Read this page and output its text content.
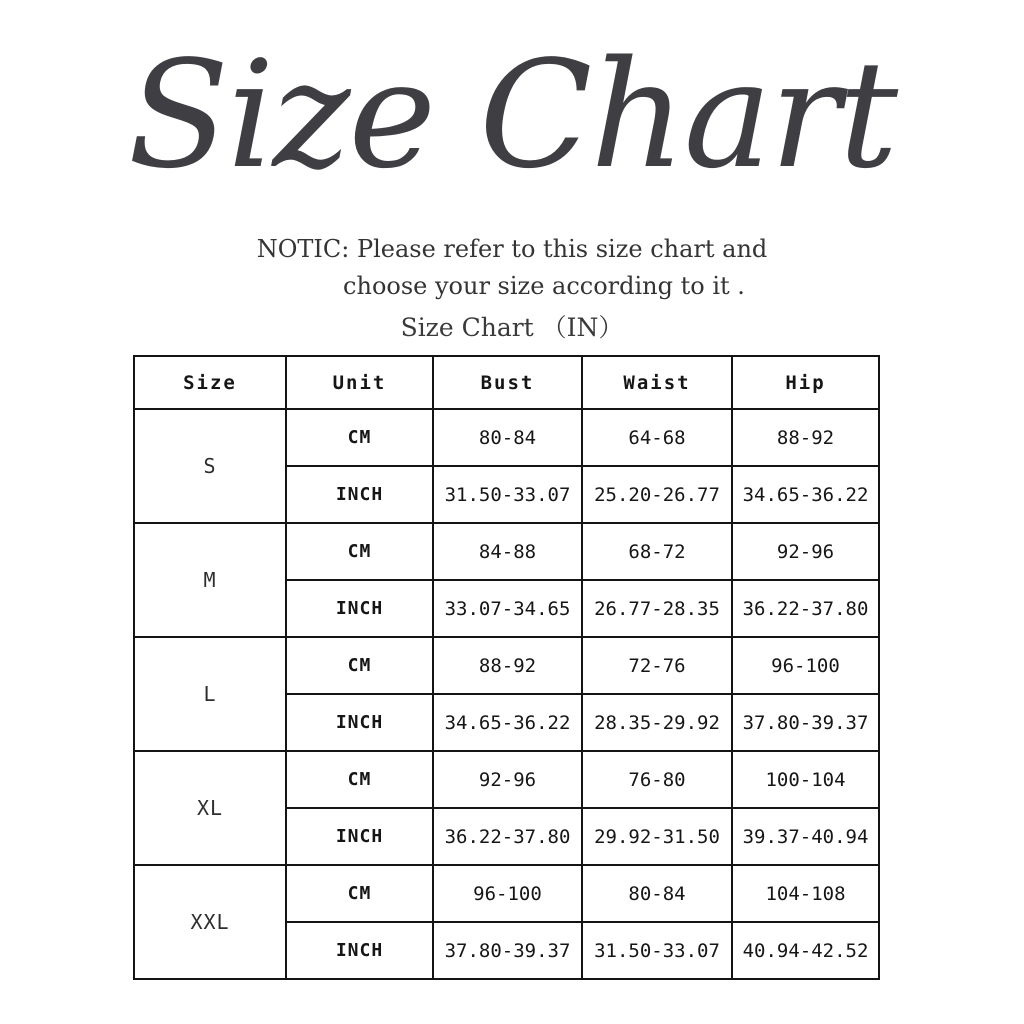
Size Chart
NOTIC: Please refer to this size chart and
choose your size according to it .
Size Chart （IN）
Size	Unit	Bust	Waist	Hip
S	CM	80-84	64-68	88-92
	INCH	31.50-33.07	25.20-26.77	34.65-36.22
M	CM	84-88	68-72	92-96
	INCH	33.07-34.65	26.77-28.35	36.22-37.80
L	CM	88-92	72-76	96-100
	INCH	34.65-36.22	28.35-29.92	37.80-39.37
XL	CM	92-96	76-80	100-104
	INCH	36.22-37.80	29.92-31.50	39.37-40.94
XXL	CM	96-100	80-84	104-108
	INCH	37.80-39.37	31.50-33.07	40.94-42.52
